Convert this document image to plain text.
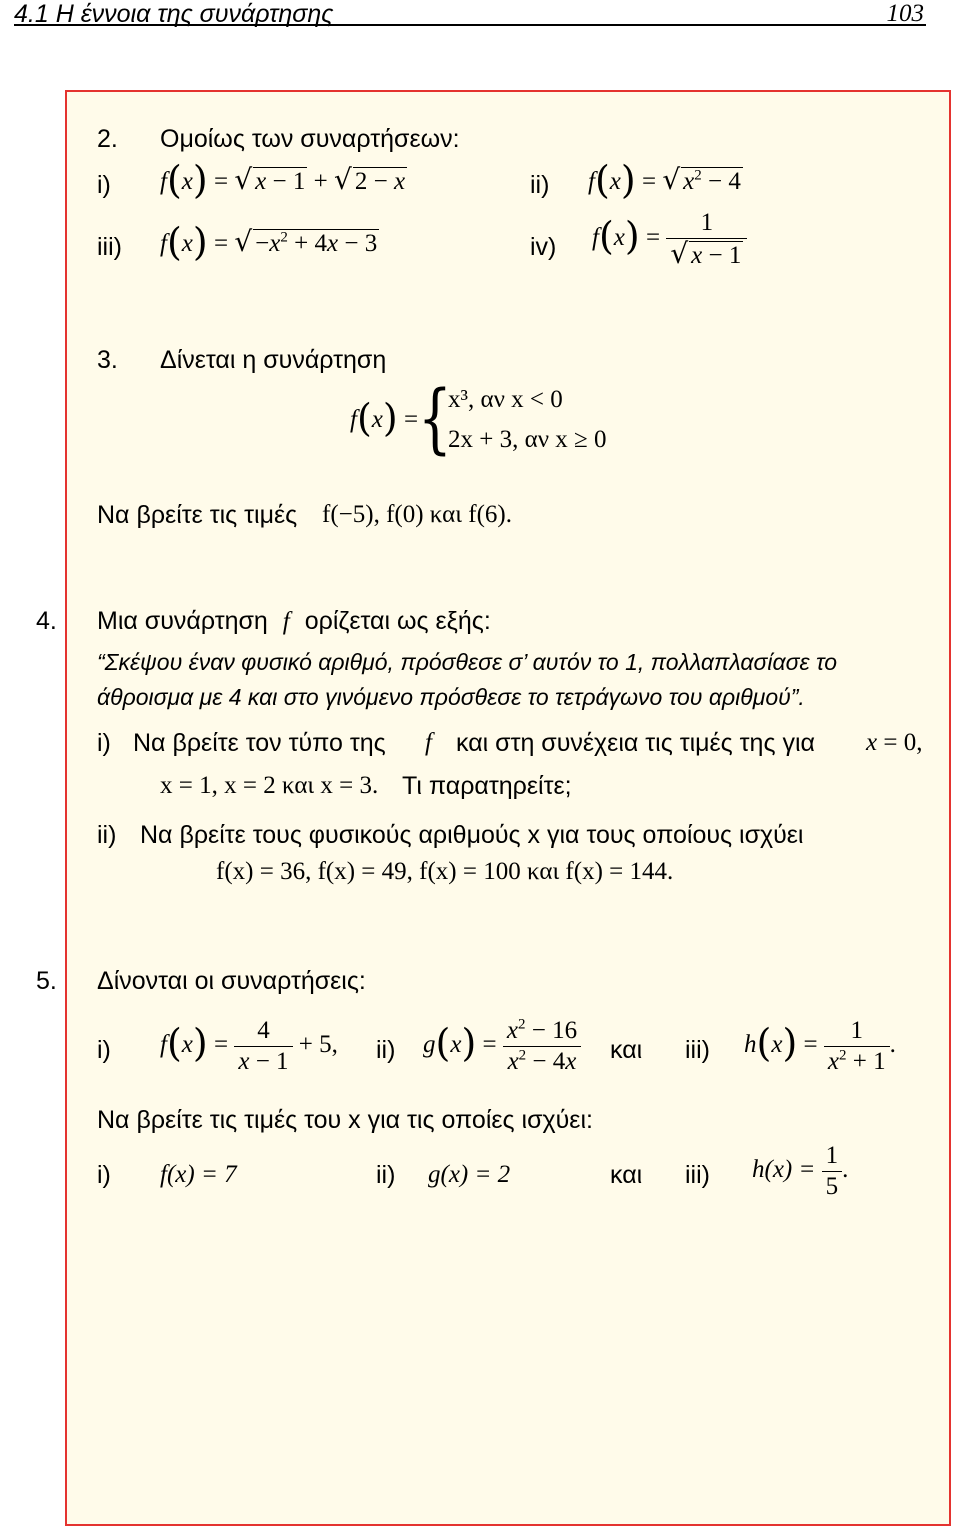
4.1 Η έννοια της συνάρτησης	103
2. Ομοίως των συναρτήσεων:
i) f(x) = √ x − 1 + √ 2 − x	ii) f(x) = √ $x^2 - 4$
iii) f(x) = √ $-x^2 + 4x - 3$	iv) $f(x) = \frac{1}{√ x - 1}$
3. Δίνεται η συνάρτηση
f(x) = {
x³, αν x < 0
2x + 3, αν x ≥ 0
Να βρείτε τις τιμές f(−5), f(0) και f(6).
4. Μια συνάρτηση f ορίζεται ως εξής:
“Σκέψου έναν φυσικό αριθμό, πρόσθεσε σ’ αυτόν το 1, πολλαπλασίασε το
άθροισμα με 4 και στο γινόμενο πρόσθεσε το τετράγωνο του αριθμού”.
i) Να βρείτε τον τύπο της f και στη συνέχεια τις τιμές της για x = 0,
x = 1, x = 2 και x = 3. Τι παρατηρείτε;
ii) Να βρείτε τους φυσικούς αριθμούς x για τους οποίους ισχύει
f(x) = 36, f(x) = 49, f(x) = 100 και f(x) = 144.
5. Δίνονται οι συναρτήσεις:
i) $f(x) = \frac{4}{x - 1} + 5$, ii) $g(x) = \frac{x^2 - 16}{x^2 - 4x}$ και iii) $h(x) = \frac{1}{x^2 + 1}$ .
Να βρείτε τις τιμές του x για τις οποίες ισχύει:
i) f(x) = 7	ii) g(x) = 2	και iii) $h(x) = \frac{1}{5}$ .
